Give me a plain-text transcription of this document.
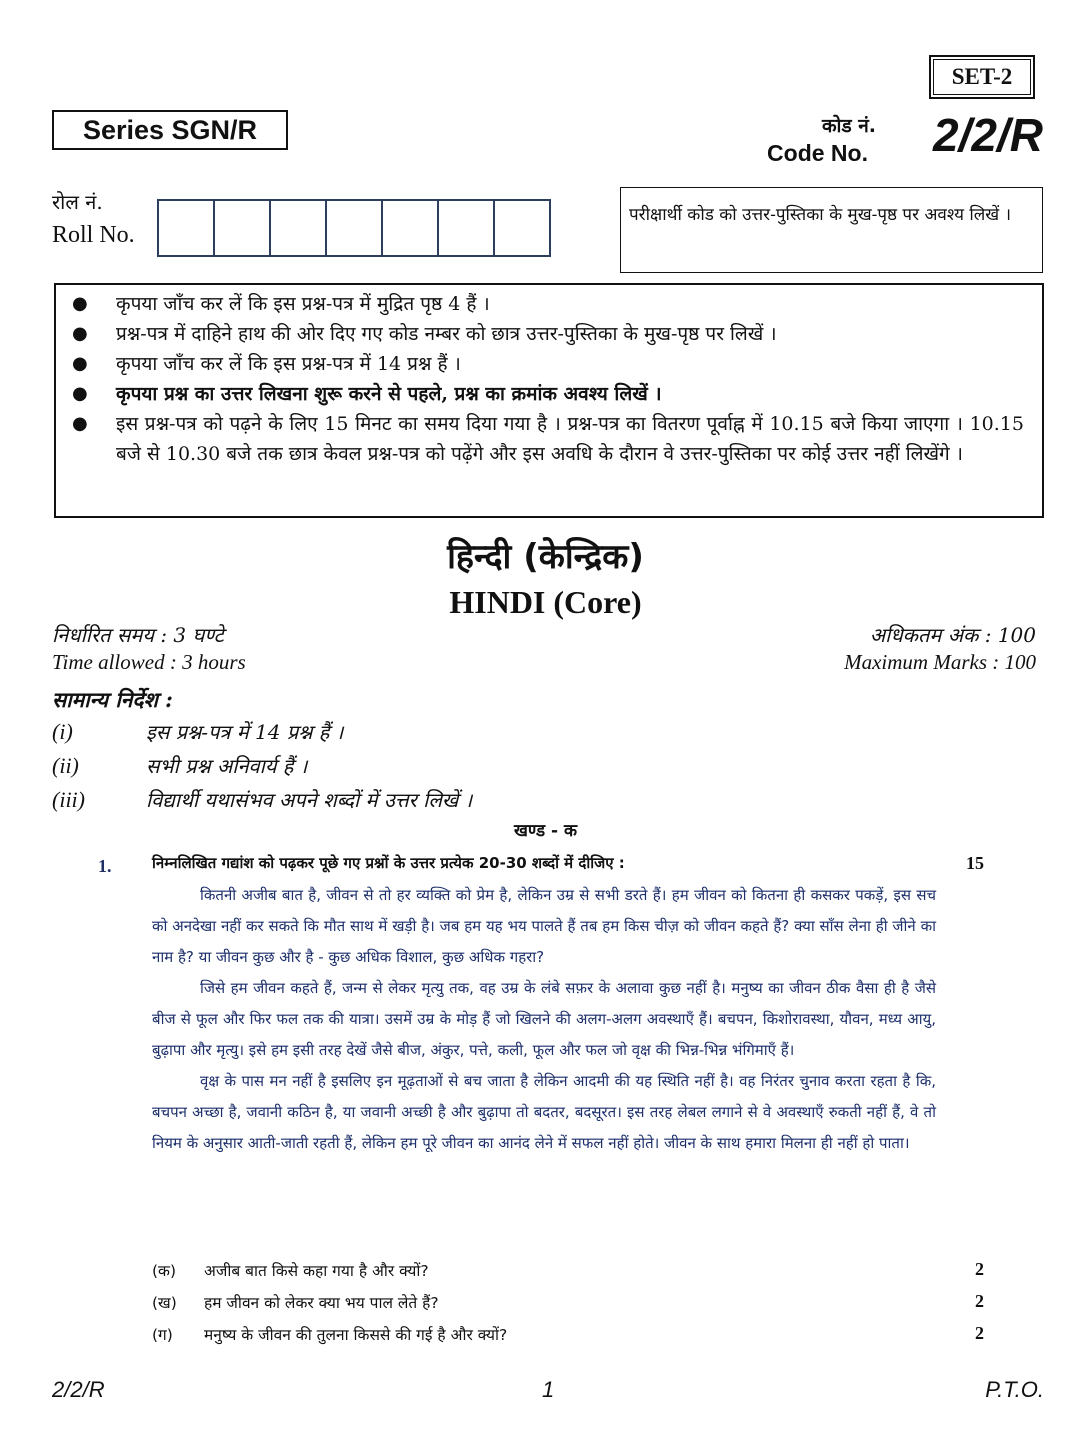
SET-2
Series SGN/R	कोड नं.
Code No.	2/2/R
रोल नं.
Roll No.
परीक्षार्थी कोड को उत्तर-पुस्तिका के मुख-पृष्ठ पर अवश्य लिखें ।
● कृपया जाँच कर लें कि इस प्रश्न-पत्र में मुद्रित पृष्ठ 4 हैं ।
● प्रश्न-पत्र में दाहिने हाथ की ओर दिए गए कोड नम्बर को छात्र उत्तर-पुस्तिका के मुख-पृष्ठ पर लिखें ।
● कृपया जाँच कर लें कि इस प्रश्न-पत्र में 14 प्रश्न हैं ।
● कृपया प्रश्न का उत्तर लिखना शुरू करने से पहले, प्रश्न का क्रमांक अवश्य लिखें ।
● इस प्रश्न-पत्र को पढ़ने के लिए 15 मिनट का समय दिया गया है । प्रश्न-पत्र का वितरण पूर्वाह्न में 10.15 बजे किया जाएगा । 10.15 बजे से 10.30 बजे तक छात्र केवल प्रश्न-पत्र को पढ़ेंगे और इस अवधि के दौरान वे उत्तर-पुस्तिका पर कोई उत्तर नहीं लिखेंगे ।
हिन्दी (केन्द्रिक)
HINDI (Core)
निर्धारित समय : 3 घण्टे
Time allowed : 3 hours
अधिकतम अंक : 100
Maximum Marks : 100
सामान्य निर्देश :
(i)	इस प्रश्न-पत्र में 14 प्रश्न हैं ।
(ii)	सभी प्रश्न अनिवार्य हैं ।
(iii)	विद्यार्थी यथासंभव अपने शब्दों में उत्तर लिखें ।
खण्ड - क
1.	निम्नलिखित गद्यांश को पढ़कर पूछे गए प्रश्नों के उत्तर प्रत्येक 20-30 शब्दों में दीजिए :	15

कितनी अजीब बात है, जीवन से तो हर व्यक्ति को प्रेम है, लेकिन उम्र से सभी डरते हैं। हम जीवन को कितना ही कसकर पकड़ें, इस सच को अनदेखा नहीं कर सकते कि मौत साथ में खड़ी है। जब हम यह भय पालते हैं तब हम किस चीज़ को जीवन कहते हैं? क्या साँस लेना ही जीने का नाम है? या जीवन कुछ और है - कुछ अधिक विशाल, कुछ अधिक गहरा?

जिसे हम जीवन कहते हैं, जन्म से लेकर मृत्यु तक, वह उम्र के लंबे सफ़र के अलावा कुछ नहीं है। मनुष्य का जीवन ठीक वैसा ही है जैसे बीज से फूल और फिर फल तक की यात्रा। उसमें उम्र के मोड़ हैं जो खिलने की अलग-अलग अवस्थाएँ हैं। बचपन, किशोरावस्था, यौवन, मध्य आयु, बुढ़ापा और मृत्यु। इसे हम इसी तरह देखें जैसे बीज, अंकुर, पत्ते, कली, फूल और फल जो वृक्ष की भिन्न-भिन्न भंगिमाएँ हैं।

वृक्ष के पास मन नहीं है इसलिए इन मूढ़ताओं से बच जाता है लेकिन आदमी की यह स्थिति नहीं है। वह निरंतर चुनाव करता रहता है कि, बचपन अच्छा है, जवानी कठिन है, या जवानी अच्छी है और बुढ़ापा तो बदतर, बदसूरत। इस तरह लेबल लगाने से वे अवस्थाएँ रुकती नहीं हैं, वे तो नियम के अनुसार आती-जाती रहती हैं, लेकिन हम पूरे जीवन का आनंद लेने में सफल नहीं होते। जीवन के साथ हमारा मिलना ही नहीं हो पाता।

(क) अजीब बात किसे कहा गया है और क्यों?	2
(ख) हम जीवन को लेकर क्या भय पाल लेते हैं?	2
(ग) मनुष्य के जीवन की तुलना किससे की गई है और क्यों?	2
2/2/R	1	P.T.O.
